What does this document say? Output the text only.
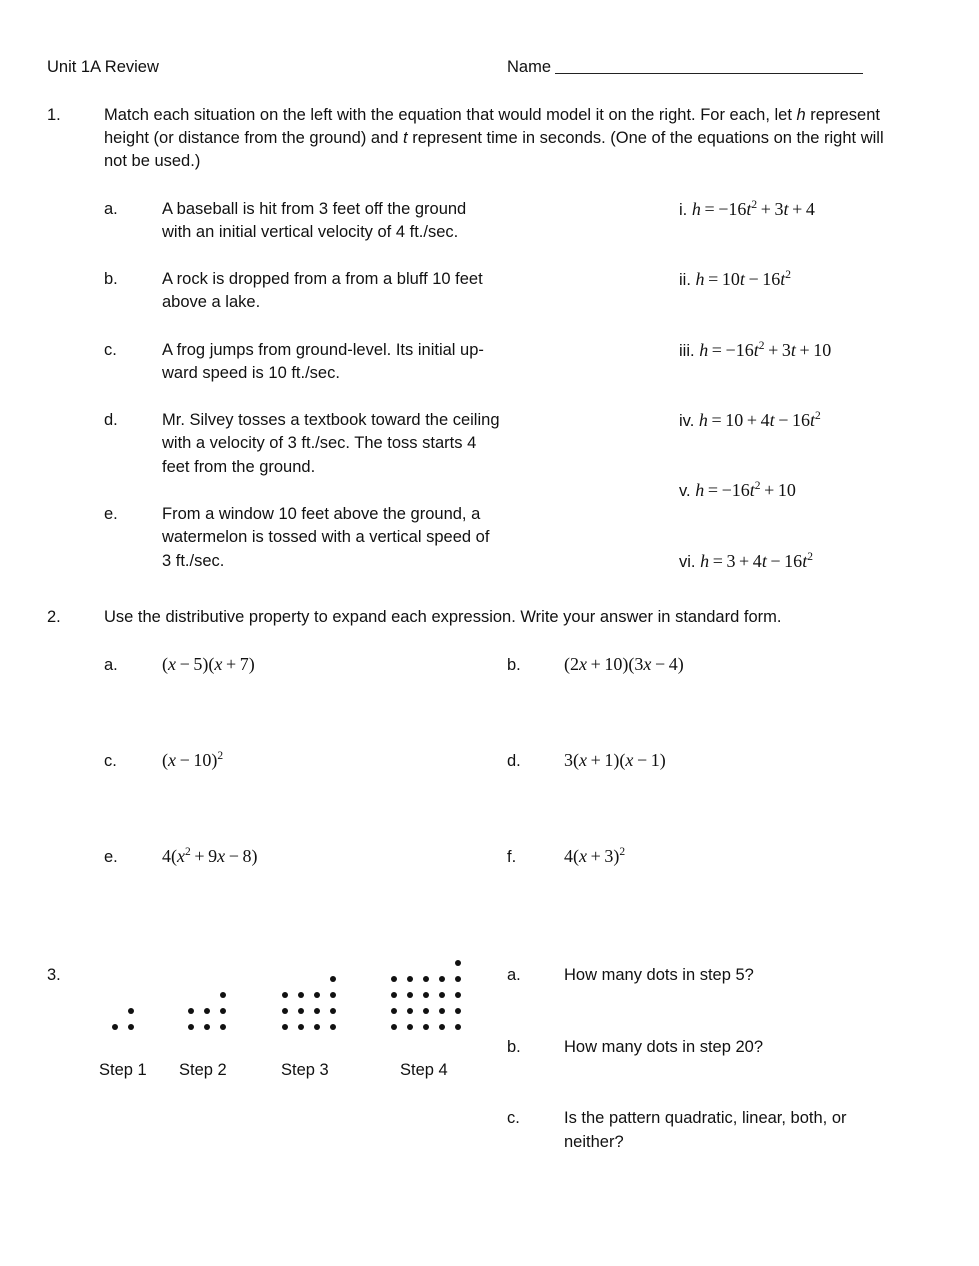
Unit 1A Review	Name
1.	Match each situation on the left with the equation that would model it on the right. For each, let h represent height (or distance from the ground) and t represent time in seconds. (One of the equations on the right will not be used.)
a.	A baseball is hit from 3 feet off the ground
with an initial vertical velocity of 4 ft./sec.
b.	A rock is dropped from a from a bluff 10 feet
above a lake.
c.	A frog jumps from ground-level. Its initial up-
ward speed is 10 ft./sec.
d.	Mr. Silvey tosses a textbook toward the ceiling
with a velocity of 3 ft./sec. The toss starts 4
feet from the ground.
e.	From a window 10 feet above the ground, a
watermelon is tossed with a vertical speed of
3 ft./sec.
i. $h = -16t^2 + 3t + 4$
ii. $h = 10t - 16t^2$
iii. $h = -16t^2 + 3t + 10$
iv. $h = 10 + 4t - 16t^2$
v. $h = -16t^2 + 10$
vi. $h = 3 + 4t - 16t^2$
2.	Use the distributive property to expand each expression. Write your answer in standard form.
a. (x − 5)(x + 7)	b. (2x + 10)(3x − 4)
c.	$(x - 10)^2$	d. 3(x + 1)(x − 1)
e. $4(x^2 + 9x - 8)$	f.	$4(x + 3)^2$
3.
Step 1 Step 2	Step 3	Step 4
a.	How many dots in step 5?
b.	How many dots in step 20?
c.	Is the pattern quadratic, linear, both, or
neither?
